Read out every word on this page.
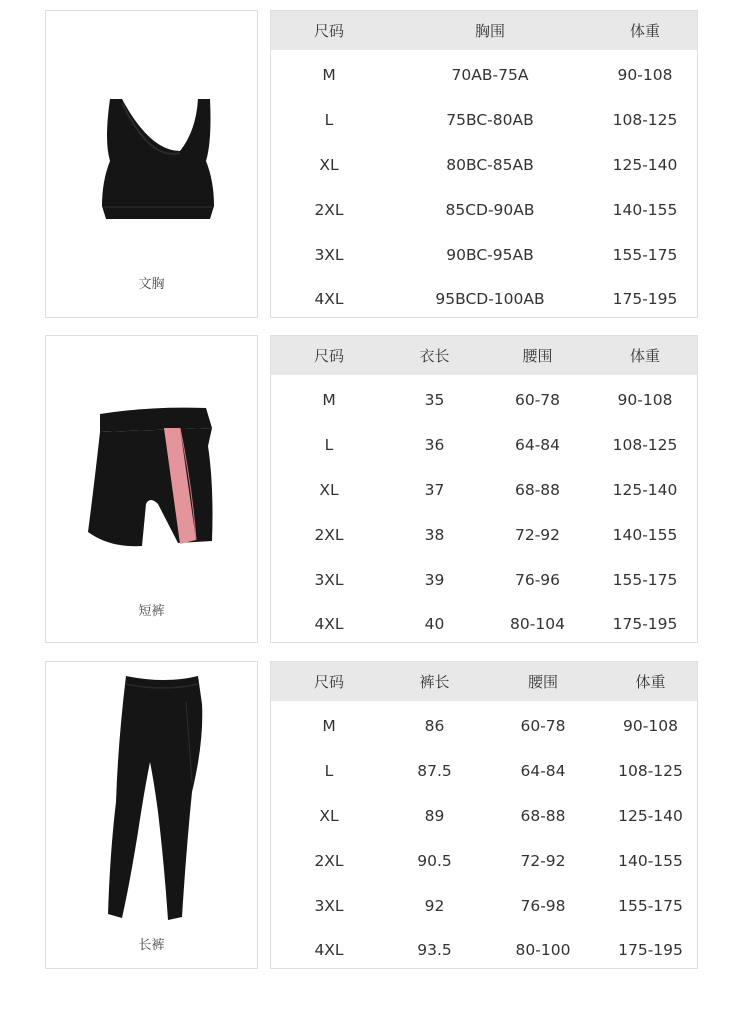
文胸
尺码	胸围	体重
M	70AB-75A	90-108
L	75BC-80AB	108-125
XL	80BC-85AB	125-140
2XL	85CD-90AB	140-155
3XL	90BC-95AB	155-175
4XL	95BCD-100AB	175-195
短裤
尺码	衣长	腰围	体重
M	35	60-78	90-108
L	36	64-84	108-125
XL	37	68-88	125-140
2XL	38	72-92	140-155
3XL	39	76-96	155-175
4XL	40	80-104	175-195
长裤
尺码	裤长	腰围	体重
M	86	60-78	90-108
L	87.5	64-84	108-125
XL	89	68-88	125-140
2XL	90.5	72-92	140-155
3XL	92	76-98	155-175
4XL	93.5	80-100	175-195
